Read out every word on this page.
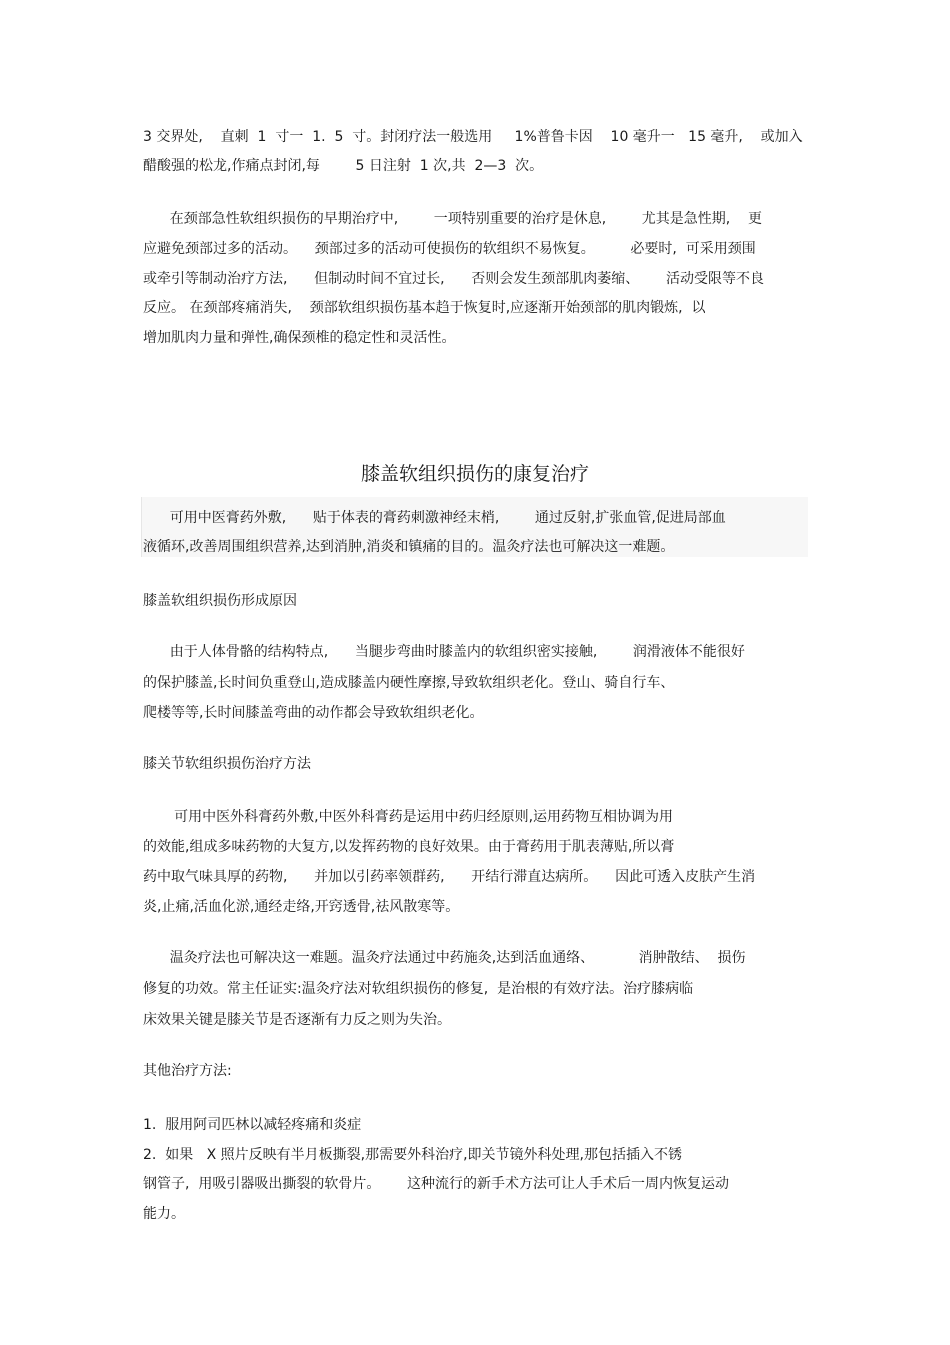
3 交界处,    直刺  1  寸一  1.  5  寸。封闭疗法一般选用     1%普鲁卡因    10 毫升一   15 毫升,    或加入
醋酸强的松龙,作痛点封闭,每        5 日注射  1 次,共  2—3  次。
在颈部急性软组织损伤的早期治疗中,        一项特别重要的治疗是休息,        尤其是急性期,    更
应避免颈部过多的活动。    颈部过多的活动可使损伤的软组织不易恢复。        必要时,  可采用颈围
或牵引等制动治疗方法,      但制动时间不宜过长,      否则会发生颈部肌肉萎缩、      活动受限等不良
反应。 在颈部疼痛消失,    颈部软组织损伤基本趋于恢复时,应逐渐开始颈部的肌肉锻炼,  以
增加肌肉力量和弹性,确保颈椎的稳定性和灵活性。
膝盖软组织损伤的康复治疗
可用中医膏药外敷,      贴于体表的膏药刺激神经末梢,        通过反射,扩张血管,促进局部血
液循环,改善周围组织营养,达到消肿,消炎和镇痛的目的。温灸疗法也可解决这一难题。
膝盖软组织损伤形成原因
由于人体骨骼的结构特点,      当腿步弯曲时膝盖内的软组织密实接触,        润滑液体不能很好
的保护膝盖,长时间负重登山,造成膝盖内硬性摩擦,导致软组织老化。登山、骑自行车、
爬楼等等,长时间膝盖弯曲的动作都会导致软组织老化。
膝关节软组织损伤治疗方法
可用中医外科膏药外敷,中医外科膏药是运用中药归经原则,运用药物互相协调为用
的效能,组成多味药物的大复方,以发挥药物的良好效果。由于膏药用于肌表薄贴,所以膏
药中取气味具厚的药物,      并加以引药率领群药,      开结行滞直达病所。    因此可透入皮肤产生消
炎,止痛,活血化淤,通经走络,开窍透骨,祛风散寒等。
温灸疗法也可解决这一难题。温灸疗法通过中药施灸,达到活血通络、          消肿散结、  损伤
修复的功效。常主任证实:温灸疗法对软组织损伤的修复,  是治根的有效疗法。治疗膝病临
床效果关键是膝关节是否逐渐有力反之则为失治。
其他治疗方法:
1.  服用阿司匹林以减轻疼痛和炎症
2.  如果   X 照片反映有半月板撕裂,那需要外科治疗,即关节镜外科处理,那包括插入不锈
钢管子,  用吸引器吸出撕裂的软骨片。      这种流行的新手术方法可让人手术后一周内恢复运动
能力。
